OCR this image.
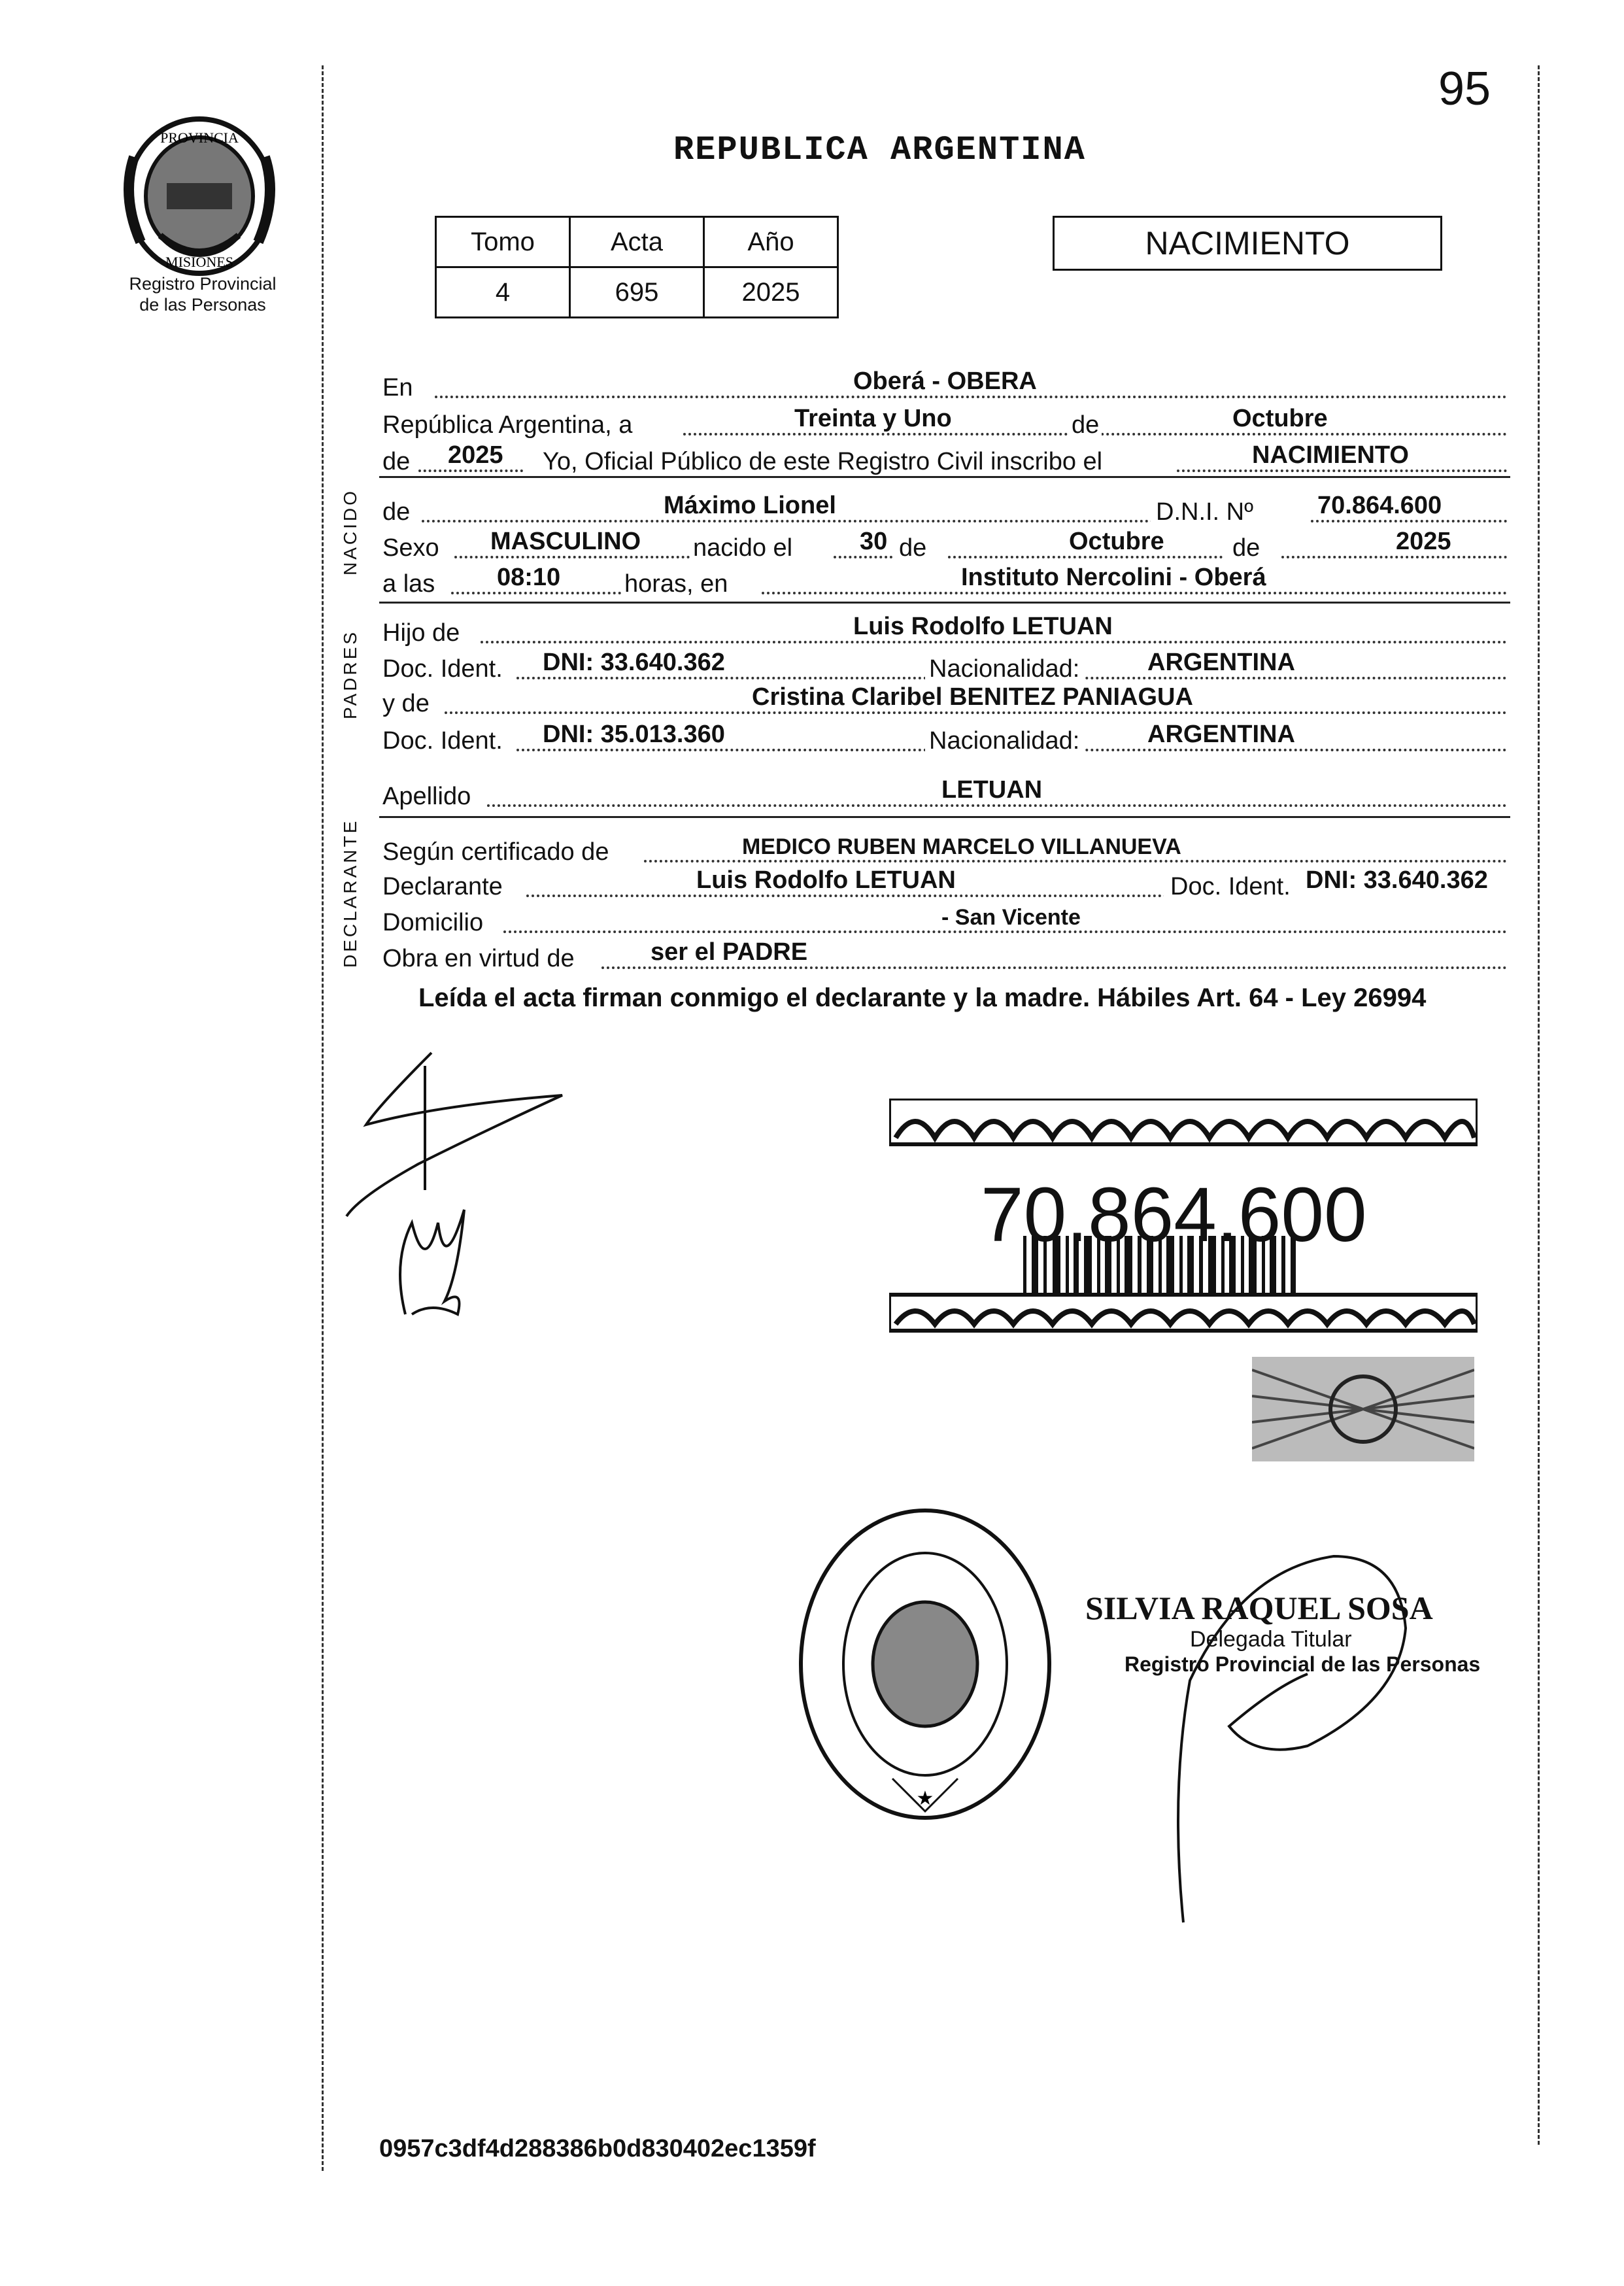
PROVINCIA
MISIONES
Registro Provincial
de las Personas
95
REPUBLICA ARGENTINA
Tomo	Acta	Año
4	695	2025
NACIMIENTO
En	Oberá - OBERA
República Argentina, a	Treinta y Uno	de	Octubre
de 2025 Yo, Oficial Público de este Registro Civil inscribo el	NACIMIENTO
NACIDO de	Máximo Lionel	D.N.I. Nº	70.864.600
Sexo MASCULINO nacido el	30 de	Octubre	de	2025
a las 08:10	horas, en	Instituto Nercolini - Oberá
PADRES Hijo de	Luis Rodolfo LETUAN
Doc. Ident. DNI: 33.640.362	Nacionalidad:	ARGENTINA
y de	Cristina Claribel BENITEZ PANIAGUA
Doc. Ident. DNI: 35.013.360	Nacionalidad:	ARGENTINA
Apellido	LETUAN
DECLARANTE Según certificado de	MEDICO RUBEN MARCELO VILLANUEVA
Declarante	Luis Rodolfo LETUAN	Doc. Ident. DNI: 33.640.362
Domicilio	- San Vicente
Obra en virtud de	ser el PADRE
Leída el acta firman conmigo el declarante y la madre. Hábiles Art. 64 - Ley 26994
70.864.600
★
SILVIA RAQUEL SOSA
Delegada Titular
Registro Provincial de las Personas
0957c3df4d288386b0d830402ec1359f
